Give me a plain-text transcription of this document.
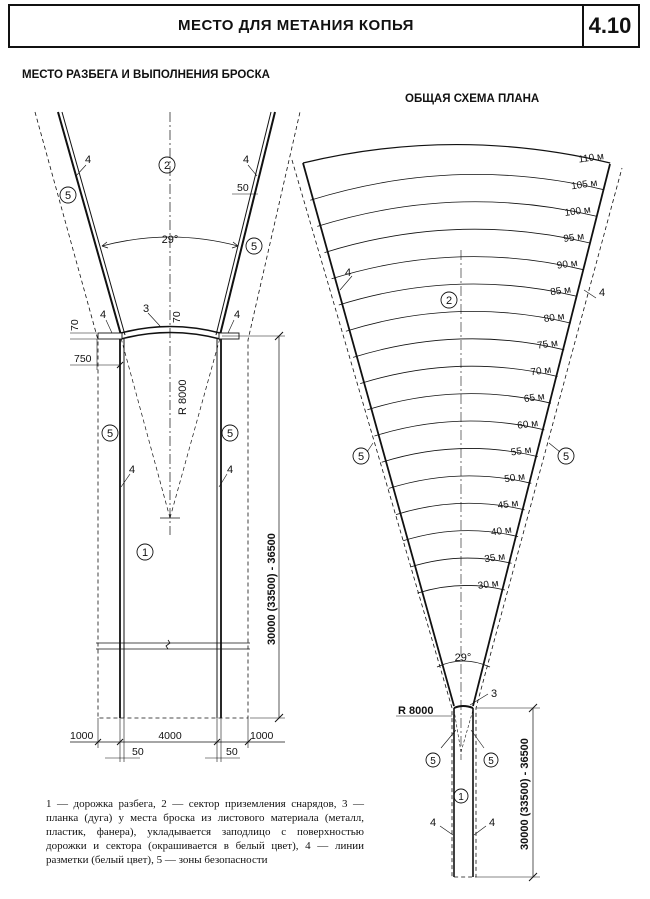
МЕСТО ДЛЯ МЕТАНИЯ КОПЬЯ	4.10
МЕСТО РАЗБЕГА И ВЫПОЛНЕНИЯ БРОСКА
ОБЩАЯ СХЕМА ПЛАНА
29°
R 8000
30000 (33500) - 36500
50
70
70
750
1000	4000	1000
50	50
2
5
5
5	5
1
4	4
3
4	4
4	4
110 м
105 м
100 м
95 м
90 м
85 м
80 м
75 м
70 м
65 м
60 м
55 м
50 м
45 м
40 м
35 м
30 м
29°
R 8000
30000 (33500) - 36500
2
5	5
5	5
1
4
4
3
4	4
1 — дорожка разбега, 2 — сектор приземления снарядов, 3 — планка (дуга) у места броска из листового материала (металл, пластик, фанера), укладывается заподлицо с поверхностью дорожки и сектора (окрашивается в белый цвет), 4 — линии разметки (белый цвет), 5 — зоны безопасности
